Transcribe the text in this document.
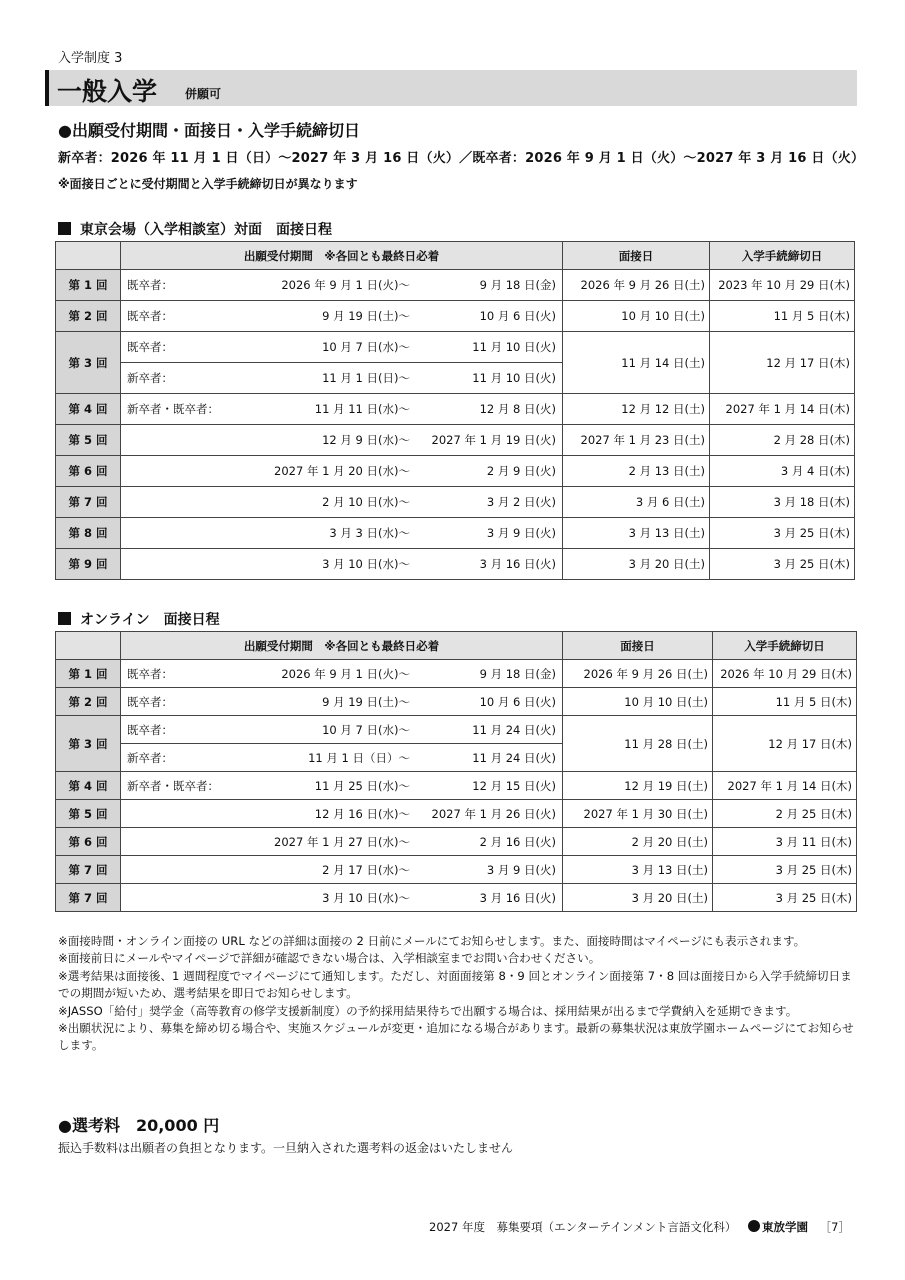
入学制度 3
一般入学 併願可
●出願受付期間・面接日・入学手続締切日
新卒者：2026 年 11 月 1 日（日）～2027 年 3 月 16 日（火）／既卒者：2026 年 9 月 1 日（火）～2027 年 3 月 16 日（火）
※面接日ごとに受付期間と入学手続締切日が異なります
東京会場（入学相談室）対面　面接日程
	出願受付期間　※各回とも最終日必着	面接日	入学手続締切日
第 1 回	既卒者： 2026 年 9 月 1 日(火)～ 9 月 18 日(金)	2026 年 9 月 26 日(土)	2023 年 10 月 29 日(木)
第 2 回	既卒者： 9 月 19 日(土)～ 10 月 6 日(火)	10 月 10 日(土)	11 月 5 日(木)
第 3 回	既卒者： 10 月 7 日(水)～ 11 月 10 日(火)	11 月 14 日(土)	12 月 17 日(木)

	新卒者： 11 月 1 日(日)～ 11 月 10 日(火)		

第 4 回	新卒者・既卒者： 11 月 11 日(水)～ 12 月 8 日(火)	12 月 12 日(土)	2027 年 1 月 14 日(木)
第 5 回	12 月 9 日(水)～ 2027 年 1 月 19 日(火)	2027 年 1 月 23 日(土)	2 月 28 日(木)
第 6 回	2027 年 1 月 20 日(水)～ 2 月 9 日(火)	2 月 13 日(土)	3 月 4 日(木)
第 7 回	2 月 10 日(水)～ 3 月 2 日(火)	3 月 6 日(土)	3 月 18 日(木)
第 8 回	3 月 3 日(水)～ 3 月 9 日(火)	3 月 13 日(土)	3 月 25 日(木)
第 9 回	3 月 10 日(水)～ 3 月 16 日(火)	3 月 20 日(土)	3 月 25 日(木)
オンライン　面接日程
	出願受付期間　※各回とも最終日必着	面接日	入学手続締切日
第 1 回	既卒者： 2026 年 9 月 1 日(火)～ 9 月 18 日(金)	2026 年 9 月 26 日(土)	2026 年 10 月 29 日(木)
第 2 回	既卒者： 9 月 19 日(土)～ 10 月 6 日(火)	10 月 10 日(土)	11 月 5 日(木)
第 3 回	既卒者： 10 月 7 日(水)～ 11 月 24 日(火)	11 月 28 日(土)	12 月 17 日(木)

	新卒者： 11 月 1 日（日）～ 11 月 24 日(火)		

第 4 回	新卒者・既卒者： 11 月 25 日(水)～ 12 月 15 日(火)	12 月 19 日(土)	2027 年 1 月 14 日(木)
第 5 回	12 月 16 日(水)～ 2027 年 1 月 26 日(火)	2027 年 1 月 30 日(土)	2 月 25 日(木)
第 6 回	2027 年 1 月 27 日(水)～ 2 月 16 日(火)	2 月 20 日(土)	3 月 11 日(木)
第 7 回	2 月 17 日(水)～ 3 月 9 日(火)	3 月 13 日(土)	3 月 25 日(木)
第 7 回	3 月 10 日(水)～ 3 月 16 日(火)	3 月 20 日(土)	3 月 25 日(木)

※面接時間・オンライン面接の URL などの詳細は面接の 2 日前にメールにてお知らせします。また、面接時間はマイページにも表示されます。

※面接前日にメールやマイページで詳細が確認できない場合は、入学相談室までお問い合わせください。

※選考結果は面接後、1 週間程度でマイページにて通知します。ただし、対面面接第 8・9 回とオンライン面接第 7・8 回は面接日から入学手続締切日までの期間が短いため、選考結果を即日でお知らせします。

※JASSO「給付」奨学金（高等教育の修学支援新制度）の予約採用結果待ちで出願する場合は、採用結果が出るまで学費納入を延期できます。

※出願状況により、募集を締め切る場合や、実施スケジュールが変更・追加になる場合があります。最新の募集状況は東放学園ホームページにてお知らせします。

●選考料　20,000 円
振込手数料は出願者の負担となります。一旦納入された選考料の返金はいたしません
2027 年度　募集要項（エンターテインメント言語文化科） 東放学園 ［7］
